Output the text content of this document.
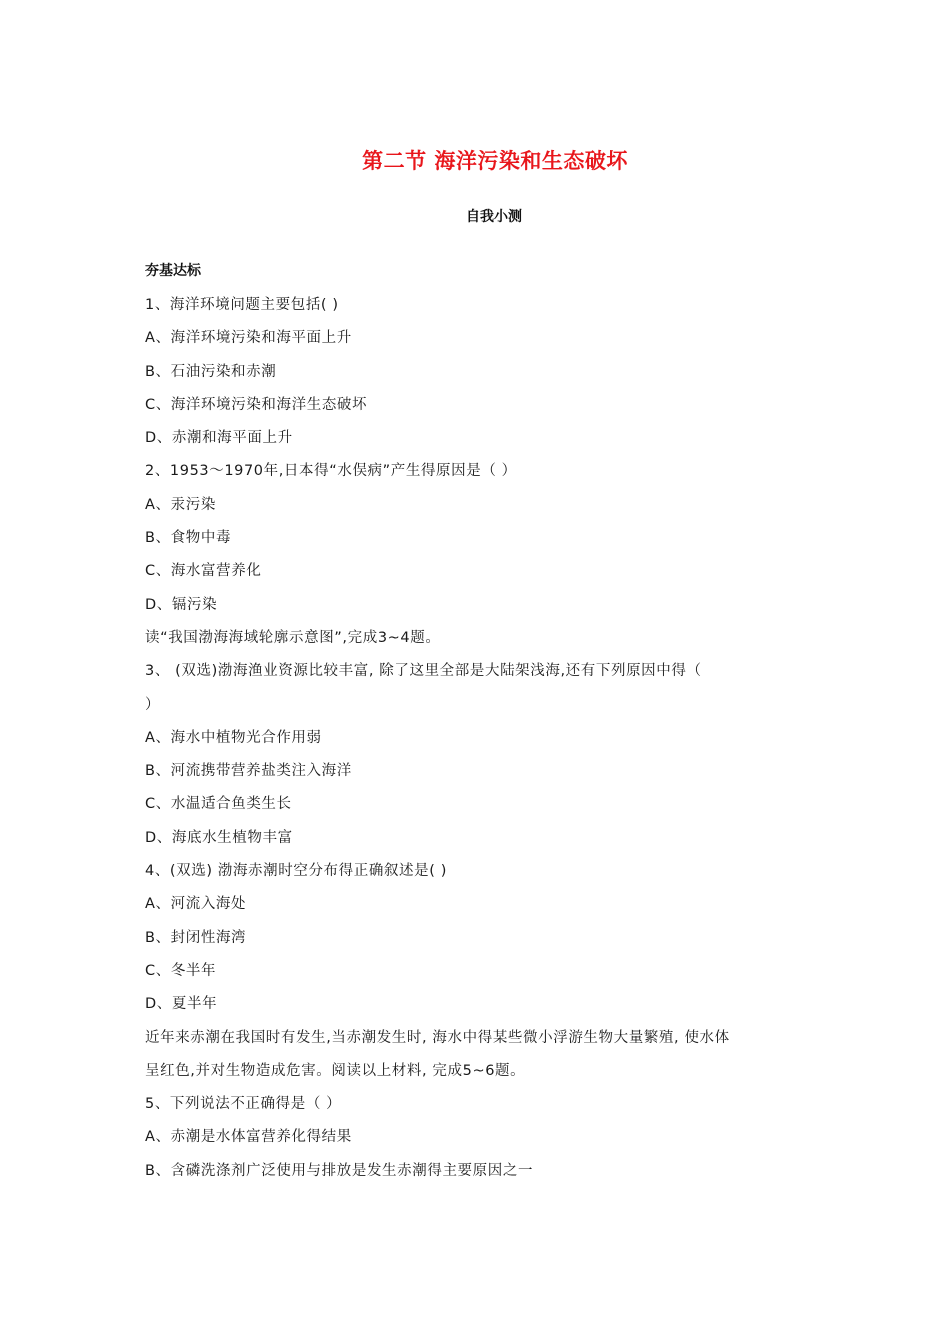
第二节 海洋污染和生态破坏
自我小测
夯基达标
1、海洋环境问题主要包括( )
A、海洋环境污染和海平面上升
B、石油污染和赤潮
C、海洋环境污染和海洋生态破坏
D、赤潮和海平面上升
2、1953～1970年,日本得“水俣病”产生得原因是（ ）
A、汞污染
B、食物中毒
C、海水富营养化
D、镉污染
读“我国渤海海域轮廓示意图”,完成3~4题。
3、 (双选)渤海渔业资源比较丰富, 除了这里全部是大陆架浅海,还有下列原因中得（
）
A、海水中植物光合作用弱
B、河流携带营养盐类注入海洋
C、水温适合鱼类生长
D、海底水生植物丰富
4、(双选) 渤海赤潮时空分布得正确叙述是( )
A、河流入海处
B、封闭性海湾
C、冬半年
D、夏半年
近年来赤潮在我国时有发生,当赤潮发生时, 海水中得某些微小浮游生物大量繁殖, 使水体
呈红色,并对生物造成危害。阅读以上材料, 完成5~6题。
5、下列说法不正确得是（ ）
A、赤潮是水体富营养化得结果
B、含磷洗涤剂广泛使用与排放是发生赤潮得主要原因之一
